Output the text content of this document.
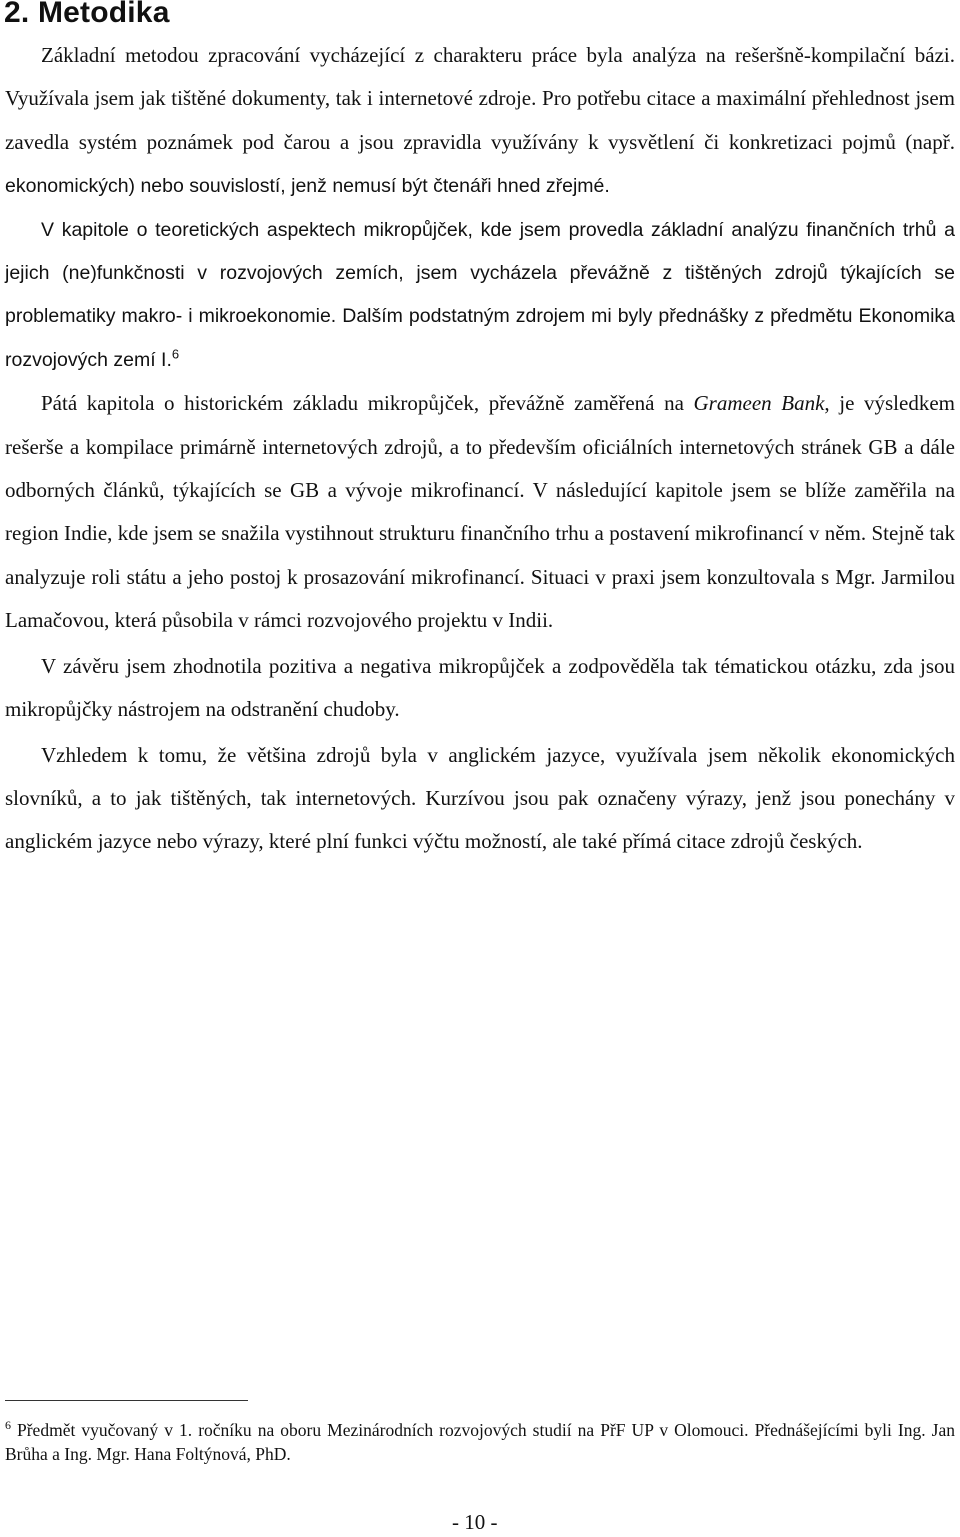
2. Metodika

Základní metodou zpracování vycházející z charakteru práce byla analýza na rešeršně-kompilační bázi. Využívala jsem jak tištěné dokumenty, tak i internetové zdroje. Pro potřebu citace a maximální přehlednost jsem zavedla systém poznámek pod čarou a jsou zpravidla využívány k vysvětlení či konkretizaci pojmů (např. ekonomických) nebo souvislostí, jenž nemusí být čtenáři hned zřejmé.

V kapitole o teoretických aspektech mikropůjček, kde jsem provedla základní analýzu finančních trhů a jejich (ne)funkčnosti v rozvojových zemích, jsem vycházela převážně z tištěných zdrojů týkajících se problematiky makro- i mikroekonomie. Dalším podstatným zdrojem mi byly přednášky z předmětu Ekonomika rozvojových zemí I.$^6$

Pátá kapitola o historickém základu mikropůjček, převážně zaměřená na Grameen Bank, je výsledkem rešerše a kompilace primárně internetových zdrojů, a to především oficiálních internetových stránek GB a dále odborných článků, týkajících se GB a vývoje mikrofinancí. V následující kapitole jsem se blíže zaměřila na region Indie, kde jsem se snažila vystihnout strukturu finančního trhu a postavení mikrofinancí v něm. Stejně tak analyzuje roli státu a jeho postoj k prosazování mikrofinancí. Situaci v praxi jsem konzultovala s Mgr. Jarmilou Lamačovou, která působila v rámci rozvojového projektu v Indii.

V závěru jsem zhodnotila pozitiva a negativa mikropůjček a zodpověděla tak tématickou otázku, zda jsou mikropůjčky nástrojem na odstranění chudoby.

Vzhledem k tomu, že většina zdrojů byla v anglickém jazyce, využívala jsem několik ekonomických slovníků, a to jak tištěných, tak internetových. Kurzívou jsou pak označeny výrazy, jenž jsou ponechány v anglickém jazyce nebo výrazy, které plní funkci výčtu možností, ale také přímá citace zdrojů českých.

$^6$ Předmět vyučovaný v 1. ročníku na oboru Mezinárodních rozvojových studií na PřF UP v Olomouci. Přednášejícími byli Ing. Jan Brůha a Ing. Mgr. Hana Foltýnová, PhD.

- 10 -
